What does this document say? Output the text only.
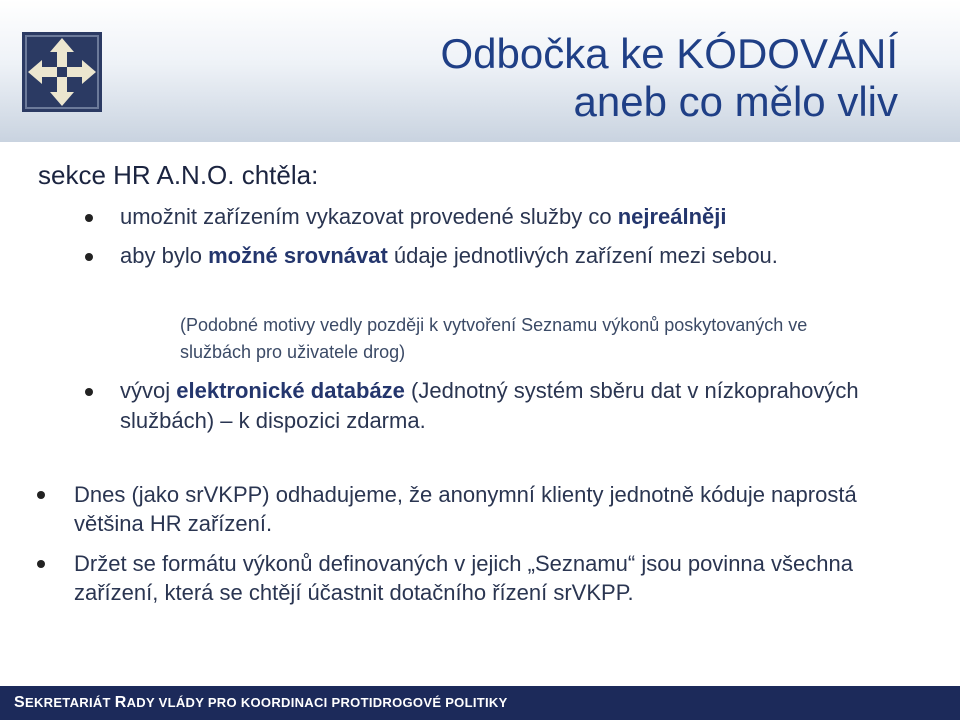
Odbočka ke KÓDOVÁNÍ
aneb co mělo vliv
sekce HR A.N.O. chtěla:
umožnit zařízením vykazovat provedené služby co nejreálněji
aby bylo možné srovnávat údaje jednotlivých zařízení mezi sebou.
(Podobné motivy vedly později k vytvoření Seznamu výkonů poskytovaných ve službách pro uživatele drog)
vývoj elektronické databáze (Jednotný systém sběru dat v nízkoprahových službách) – k dispozici zdarma.
Dnes (jako srVKPP) odhadujeme, že anonymní klienty jednotně kóduje naprostá většina HR zařízení.
Držet se formátu výkonů definovaných v jejich „Seznamu“ jsou povinna všechna zařízení, která se chtějí účastnit dotačního řízení srVKPP.
SEKRETARIÁT RADY VLÁDY PRO KOORDINACI PROTIDROGOVÉ POLITIKY
